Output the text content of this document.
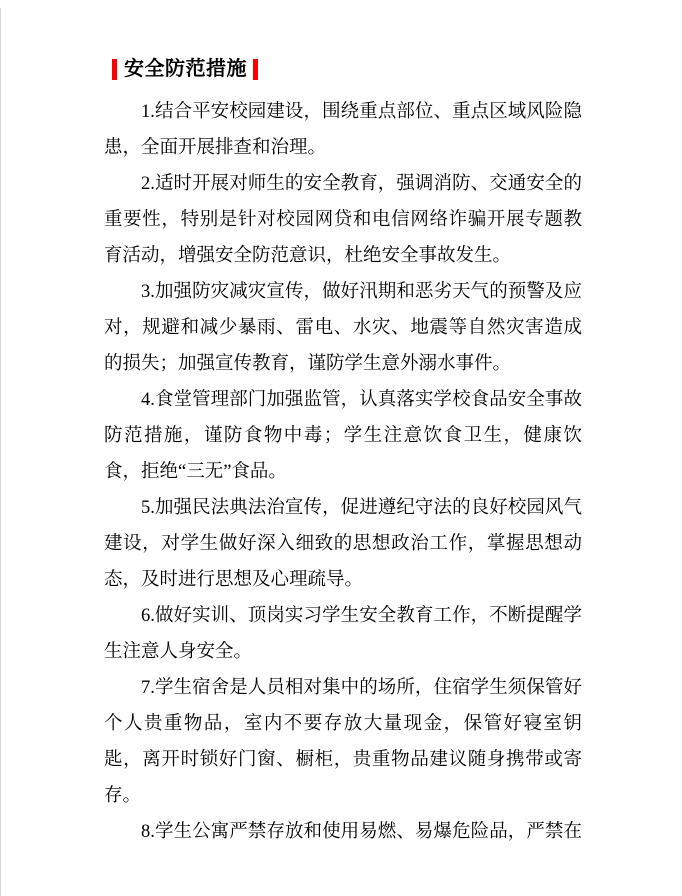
安全防范措施

1.结合平安校园建设，围绕重点部位、重点区域风险隐患，全面开展排查和治理。

2.适时开展对师生的安全教育，强调消防、交通安全的重要性，特别是针对校园网贷和电信网络诈骗开展专题教育活动，增强安全防范意识，杜绝安全事故发生。

3.加强防灾减灾宣传，做好汛期和恶劣天气的预警及应对，规避和减少暴雨、雷电、水灾、地震等自然灾害造成的损失；加强宣传教育，谨防学生意外溺水事件。

4.食堂管理部门加强监管，认真落实学校食品安全事故防范措施，谨防食物中毒；学生注意饮食卫生，健康饮食，拒绝“三无”食品。

5.加强民法典法治宣传，促进遵纪守法的良好校园风气建设，对学生做好深入细致的思想政治工作，掌握思想动态，及时进行思想及心理疏导。

6.做好实训、顶岗实习学生安全教育工作，不断提醒学生注意人身安全。

7.学生宿舍是人员相对集中的场所，住宿学生须保管好个人贵重物品，室内不要存放大量现金，保管好寝室钥匙，离开时锁好门窗、橱柜，贵重物品建议随身携带或寄存。

8.学生公寓严禁存放和使用易燃、易爆危险品，严禁在
